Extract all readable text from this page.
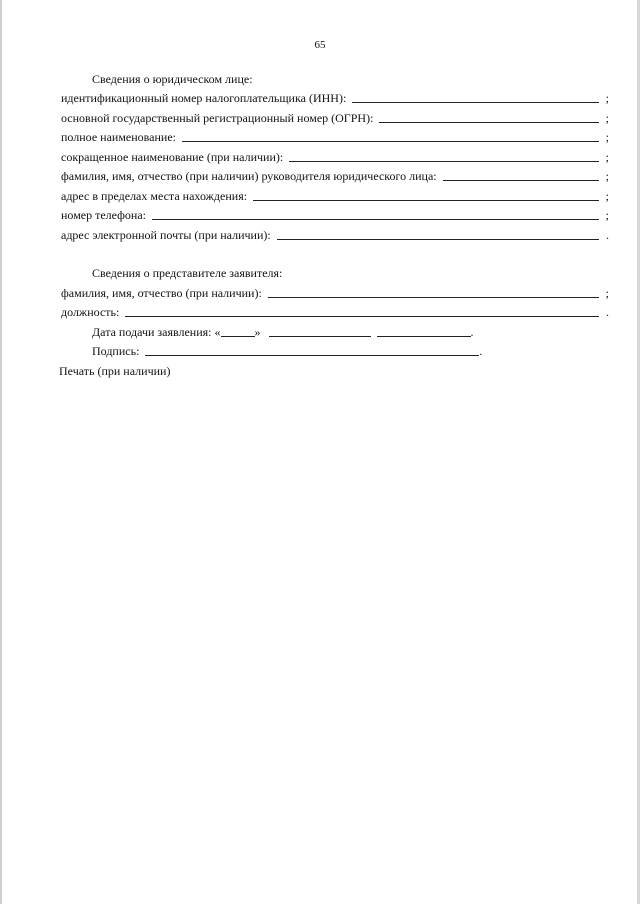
65
Сведения о юридическом лице:
идентификационный номер налогоплательщика (ИНН):	;
основной государственный регистрационный номер (ОГРН):	;
полное наименование:	;
сокращенное наименование (при наличии):	;
фамилия, имя, отчество (при наличии) руководителя юридического лица:	;
адрес в пределах места нахождения:	;
номер телефона:	;
адрес электронной почты (при наличии):	.
Сведения о представителе заявителя:
фамилия, имя, отчество (при наличии):	;
должность:	.
Дата подачи заявления: «	»	.
Подпись:	.
Печать (при наличии)
